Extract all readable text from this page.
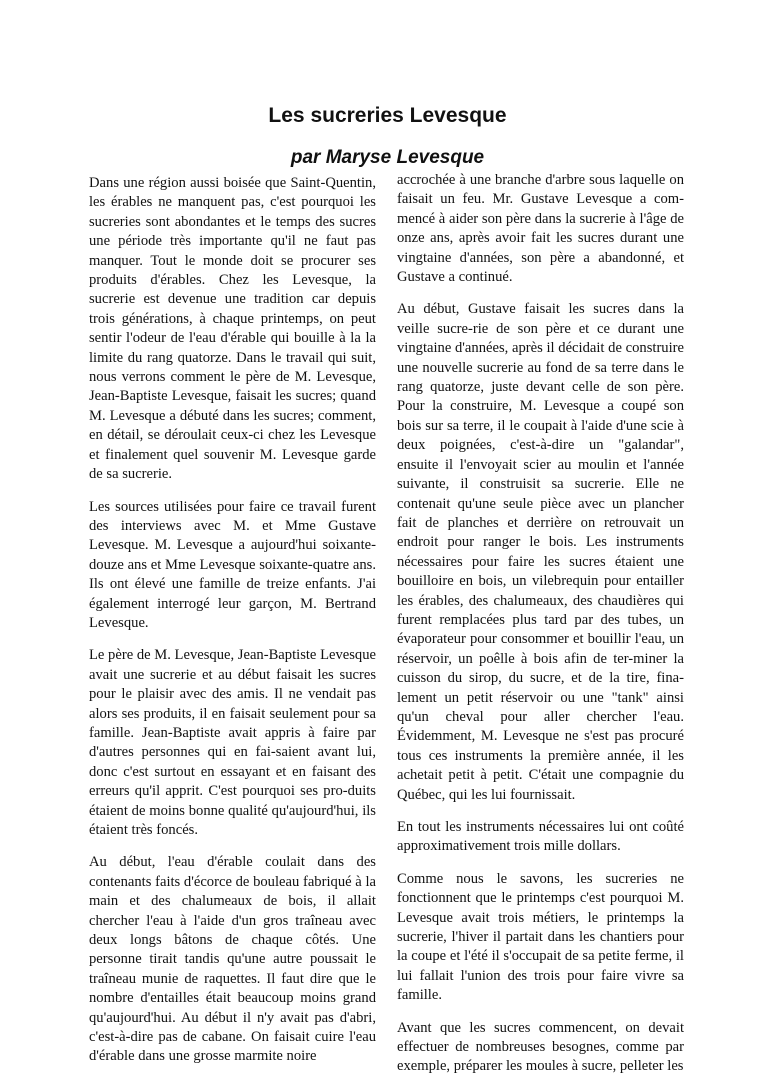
Les sucreries Levesque
par Maryse Levesque

Dans une région aussi boisée que Saint-Quentin, les érables ne manquent pas, c'est pourquoi les sucreries sont abondantes et le temps des sucres une période très importante qu'il ne faut pas manquer. Tout le monde doit se procurer ses produits d'érables. Chez les Levesque, la sucrerie est devenue une tradition car depuis trois générations, à chaque printemps, on peut sentir l'odeur de l'eau d'érable qui bouille à la la limite du rang quatorze. Dans le travail qui suit, nous verrons comment le père de M. Levesque, Jean-Baptiste Levesque, faisait les sucres; quand M. Levesque a débuté dans les sucres; comment, en détail, se déroulait ceux-ci chez les Levesque et finalement quel souvenir M. Levesque garde de sa sucrerie.

Les sources utilisées pour faire ce travail furent des interviews avec M. et Mme Gustave Levesque. M. Levesque a aujourd'hui soixante-douze ans et Mme Levesque soixante-quatre ans. Ils ont élevé une famille de treize enfants. J'ai également interrogé leur garçon, M. Bertrand Levesque.

Le père de M. Levesque, Jean-Baptiste Levesque avait une sucrerie et au début faisait les sucres pour le plaisir avec des amis. Il ne vendait pas alors ses produits, il en faisait seulement pour sa famille. Jean-Baptiste avait appris à faire par d'autres personnes qui en fai-saient avant lui, donc c'est surtout en essayant et en faisant des erreurs qu'il apprit. C'est pourquoi ses pro-duits étaient de moins bonne qualité qu'aujourd'hui, ils étaient très foncés.

Au début, l'eau d'érable coulait dans des contenants faits d'écorce de bouleau fabriqué à la main et des chalumeaux de bois, il allait chercher l'eau à l'aide d'un gros traîneau avec deux longs bâtons de chaque côtés. Une personne tirait tandis qu'une autre poussait le traîneau munie de raquettes. Il faut dire que le nombre d'entailles était beaucoup moins grand qu'aujourd'hui. Au début il n'y avait pas d'abri, c'est-à-dire pas de cabane. On faisait cuire l'eau d'érable dans une grosse marmite noire

accrochée à une branche d'arbre sous laquelle on faisait un feu. Mr. Gustave Levesque a com-mencé à aider son père dans la sucrerie à l'âge de onze ans, après avoir fait les sucres durant une vingtaine d'années, son père a abandonné, et Gustave a continué.

Au début, Gustave faisait les sucres dans la veille sucre-rie de son père et ce durant une vingtaine d'années, après il décidait de construire une nouvelle sucrerie au fond de sa terre dans le rang quatorze, juste devant celle de son père. Pour la construire, M. Levesque a coupé son bois sur sa terre, il le coupait à l'aide d'une scie à deux poignées, c'est-à-dire un "galandar", ensuite il l'envoyait scier au moulin et l'année suivante, il construisit sa sucrerie. Elle ne contenait qu'une seule pièce avec un plancher fait de planches et derrière on retrouvait un endroit pour ranger le bois. Les instruments nécessaires pour faire les sucres étaient une bouilloire en bois, un vilebrequin pour entailler les érables, des chalumeaux, des chaudières qui furent remplacées plus tard par des tubes, un évaporateur pour consommer et bouillir l'eau, un réservoir, un poêlle à bois afin de ter-miner la cuisson du sirop, du sucre, et de la tire, fina-lement un petit réservoir ou une "tank" ainsi qu'un cheval pour aller chercher l'eau. Évidemment, M. Levesque ne s'est pas procuré tous ces instruments la première année, il les achetait petit à petit. C'était une compagnie du Québec, qui les lui fournissait.

En tout les instruments nécessaires lui ont coûté approximativement trois mille dollars.

Comme nous le savons, les sucreries ne fonctionnent que le printemps c'est pourquoi M. Levesque avait trois métiers, le printemps la sucrerie, l'hiver il partait dans les chantiers pour la coupe et l'été il s'occupait de sa petite ferme, il lui fallait l'union des trois pour faire vivre sa famille.

Avant que les sucres commencent, on devait effectuer de nombreuses besognes, comme par exemple, préparer les moules à sucre, pelleter les
